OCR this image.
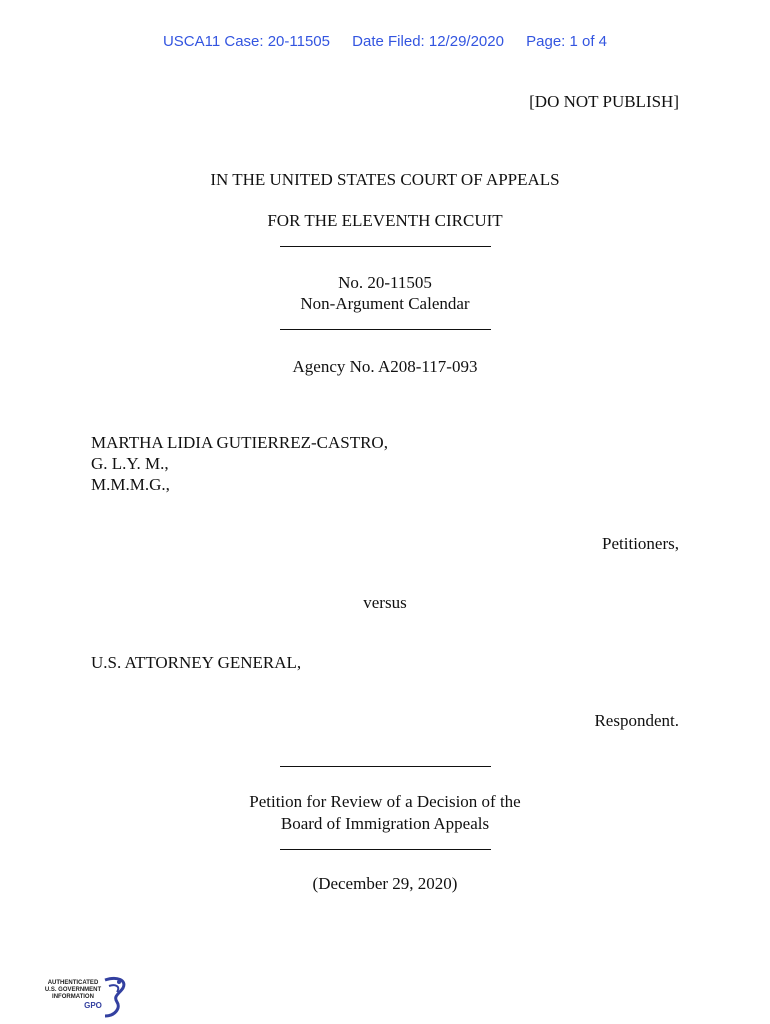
USCA11 Case: 20-11505 Date Filed: 12/29/2020 Page: 1 of 4
[DO NOT PUBLISH]
IN THE UNITED STATES COURT OF APPEALS
FOR THE ELEVENTH CIRCUIT
No. 20-11505
Non-Argument Calendar
Agency No. A208-117-093
MARTHA LIDIA GUTIERREZ-CASTRO,
G. L.Y. M.,
M.M.M.G.,
Petitioners,
versus
U.S. ATTORNEY GENERAL,
Respondent.
Petition for Review of a Decision of the
Board of Immigration Appeals
(December 29, 2020)
AUTHENTICATED
U.S. GOVERNMENT
INFORMATION
GPO
